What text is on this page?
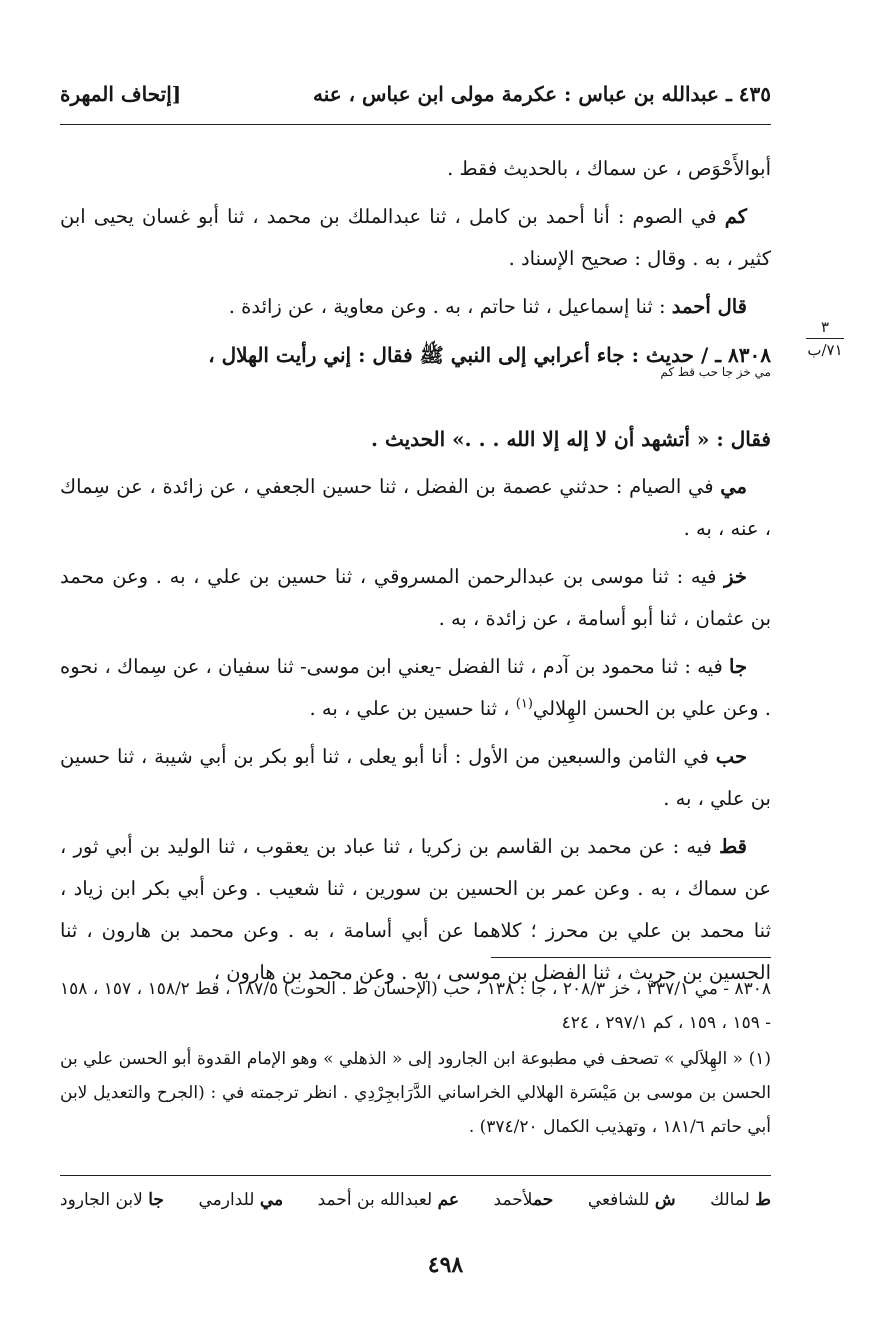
٤٣٥ ـ عبدالله بن عباس : عكرمة مولى ابن عباس ، عنه
[إتحاف المهرة
٣
٧١/ب

أبوالأَحْوَص ، عن سماك ، بالحديث فقط .

كم في الصوم : أنا أحمد بن كامل ، ثنا عبدالملك بن محمد ، ثنا أبو غسان يحيى ابن كثير ، به . وقال : صحيح الإسناد .

قال أحمد : ثنا إسماعيل ، ثنا حاتم ، به . وعن معاوية ، عن زائدة .

٨٣٠٨ ـ / حديث : جاء أعرابي إلى النبي ﷺ فقال : إني رأيت الهلال ،
مي خز جا حب قط كم
فقال : « أتشهد أن لا إله إلا الله . . .» الحديث .

مي في الصيام : حدثني عصمة بن الفضل ، ثنا حسين الجعفي ، عن زائدة ، عن سِماك ، عنه ، به .

خز فيه : ثنا موسى بن عبدالرحمن المسروقي ، ثنا حسين بن علي ، به . وعن محمد بن عثمان ، ثنا أبو أسامة ، عن زائدة ، به .

جا فيه : ثنا محمود بن آدم ، ثنا الفضل -يعني ابن موسى- ثنا سفيان ، عن سِماك ، نحوه . وعن علي بن الحسن الهِلالي$^{(١)}$ ، ثنا حسين بن علي ، به .

حب في الثامن والسبعين من الأول : أنا أبو يعلى ، ثنا أبو بكر بن أبي شيبة ، ثنا حسين بن علي ، به .

قط فيه : عن محمد بن القاسم بن زكريا ، ثنا عباد بن يعقوب ، ثنا الوليد بن أبي ثور ، عن سماك ، به . وعن عمر بن الحسين بن سورين ، ثنا شعيب . وعن أبي بكر ابن زياد ، ثنا محمد بن علي بن محرز ؛ كلاهما عن أبي أسامة ، به . وعن محمد بن هارون ، ثنا الحسين بن حريث ، ثنا الفضل بن موسى ، به . وعن محمد بن هارون ،

٨٣٠٨ - مي ٣٣٧/١ ، خز ٢٠٨/٣ ، جا : ١٣٨ ، حب (الإحسان ط . الحوت) ١٨٧/٥ ، قط ١٥٨/٢ ، ١٥٧ ، ١٥٨ - ١٥٩ ، ١٥٩ ، كم ٢٩٧/١ ، ٤٢٤

(١) « الهِلاَلي » تصحف في مطبوعة ابن الجارود إلى « الذهلي » وهو الإمام القدوة أبو الحسن علي بن الحسن بن موسى بن مَيْسَرة الهلالي الخراساني الدَّرَابجِرْدِي . انظر ترجمته في : (الجرح والتعديل لابن أبي حاتم ١٨١/٦ ، وتهذيب الكمال ٣٧٤/٢٠) .

ط لمالك
ش للشافعي
حملأحمد
عم لعبدالله بن أحمد
مي للدارمي
جا لابن الجارود
٤٩٨
